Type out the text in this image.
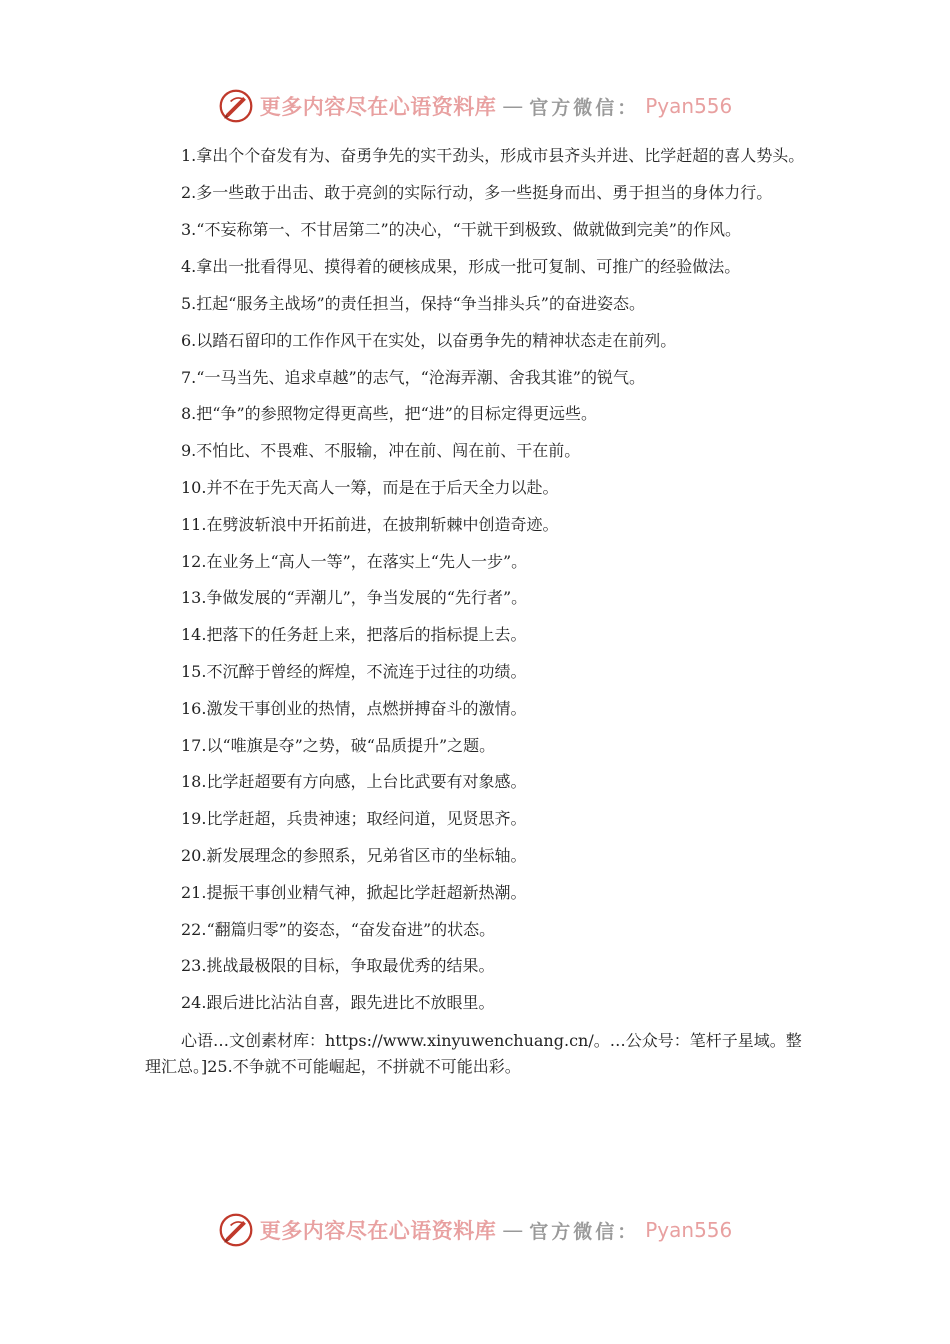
更多内容尽在心语资料库 — 官方微信： Pyan556

1.拿出个个奋发有为、奋勇争先的实干劲头，形成市县齐头并进、比学赶超的喜人势头。

2.多一些敢于出击、敢于亮剑的实际行动，多一些挺身而出、勇于担当的身体力行。

3.“不妄称第一、不甘居第二”的决心，“干就干到极致、做就做到完美”的作风。

4.拿出一批看得见、摸得着的硬核成果，形成一批可复制、可推广的经验做法。

5.扛起“服务主战场”的责任担当，保持“争当排头兵”的奋进姿态。

6.以踏石留印的工作作风干在实处，以奋勇争先的精神状态走在前列。

7.“一马当先、追求卓越”的志气，“沧海弄潮、舍我其谁”的锐气。

8.把“争”的参照物定得更高些，把“进”的目标定得更远些。

9.不怕比、不畏难、不服输，冲在前、闯在前、干在前。

10.并不在于先天高人一筹，而是在于后天全力以赴。

11.在劈波斩浪中开拓前进，在披荆斩棘中创造奇迹。

12.在业务上“高人一等”，在落实上“先人一步”。

13.争做发展的“弄潮儿”，争当发展的“先行者”。

14.把落下的任务赶上来，把落后的指标提上去。

15.不沉醉于曾经的辉煌，不流连于过往的功绩。

16.激发干事创业的热情，点燃拼搏奋斗的激情。

17.以“唯旗是夺”之势，破“品质提升”之题。

18.比学赶超要有方向感，上台比武要有对象感。

19.比学赶超，兵贵神速；取经问道，见贤思齐。

20.新发展理念的参照系，兄弟省区市的坐标轴。

21.提振干事创业精气神，掀起比学赶超新热潮。

22.“翻篇归零”的姿态，“奋发奋进”的状态。

23.挑战最极限的目标，争取最优秀的结果。

24.跟后进比沾沾自喜，跟先进比不放眼里。

心语…文创素材库：https://www.xinyuwenchuang.cn/。…公众号：笔杆子星域。整理汇总。]25.不争就不可能崛起，不拼就不可能出彩。

更多内容尽在心语资料库 — 官方微信： Pyan556
